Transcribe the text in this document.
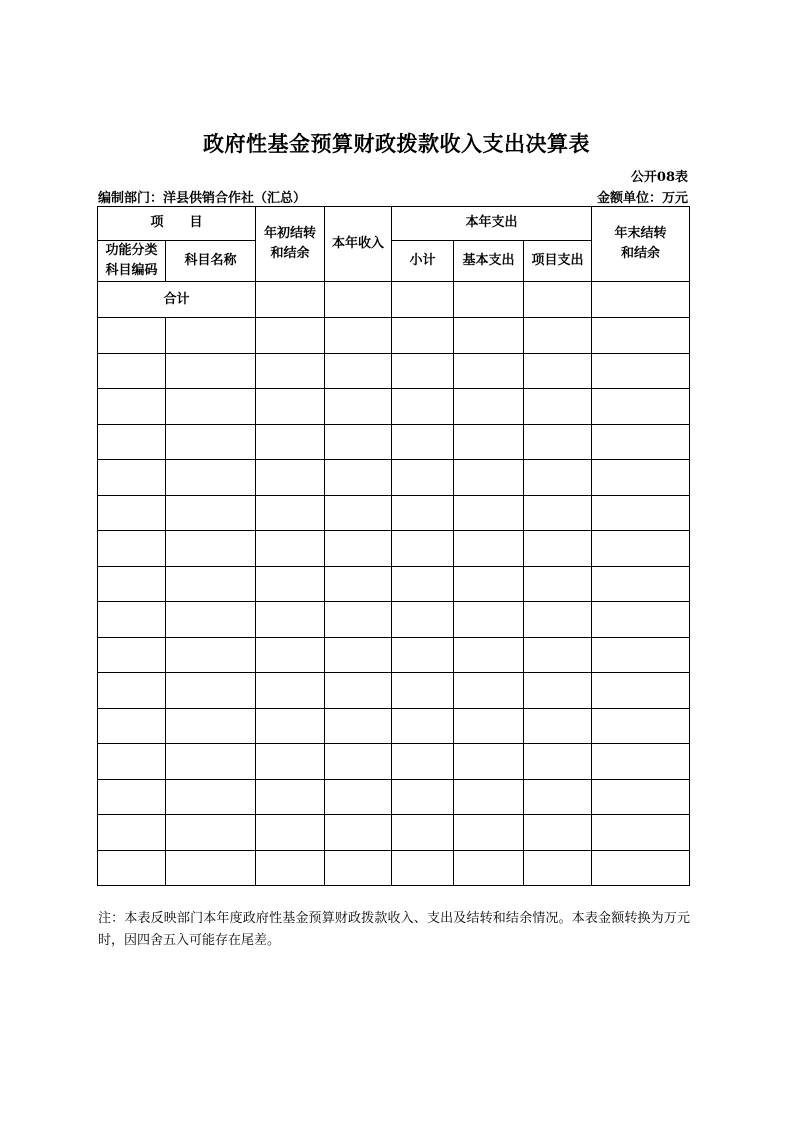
政府性基金预算财政拨款收入支出决算表
公开08表
编制部门：洋县供销合作社（汇总）	金额单位：万元
项　　目		年初结转和结余	本年收入	本年支出			年末结转和结余

功能分类科目编码	科目名称			小计	基本支出	项目支出	

合计							

注：本表反映部门本年度政府性基金预算财政拨款收入、支出及结转和结余情况。本表金额转换为万元时，因四舍五入可能存在尾差。
